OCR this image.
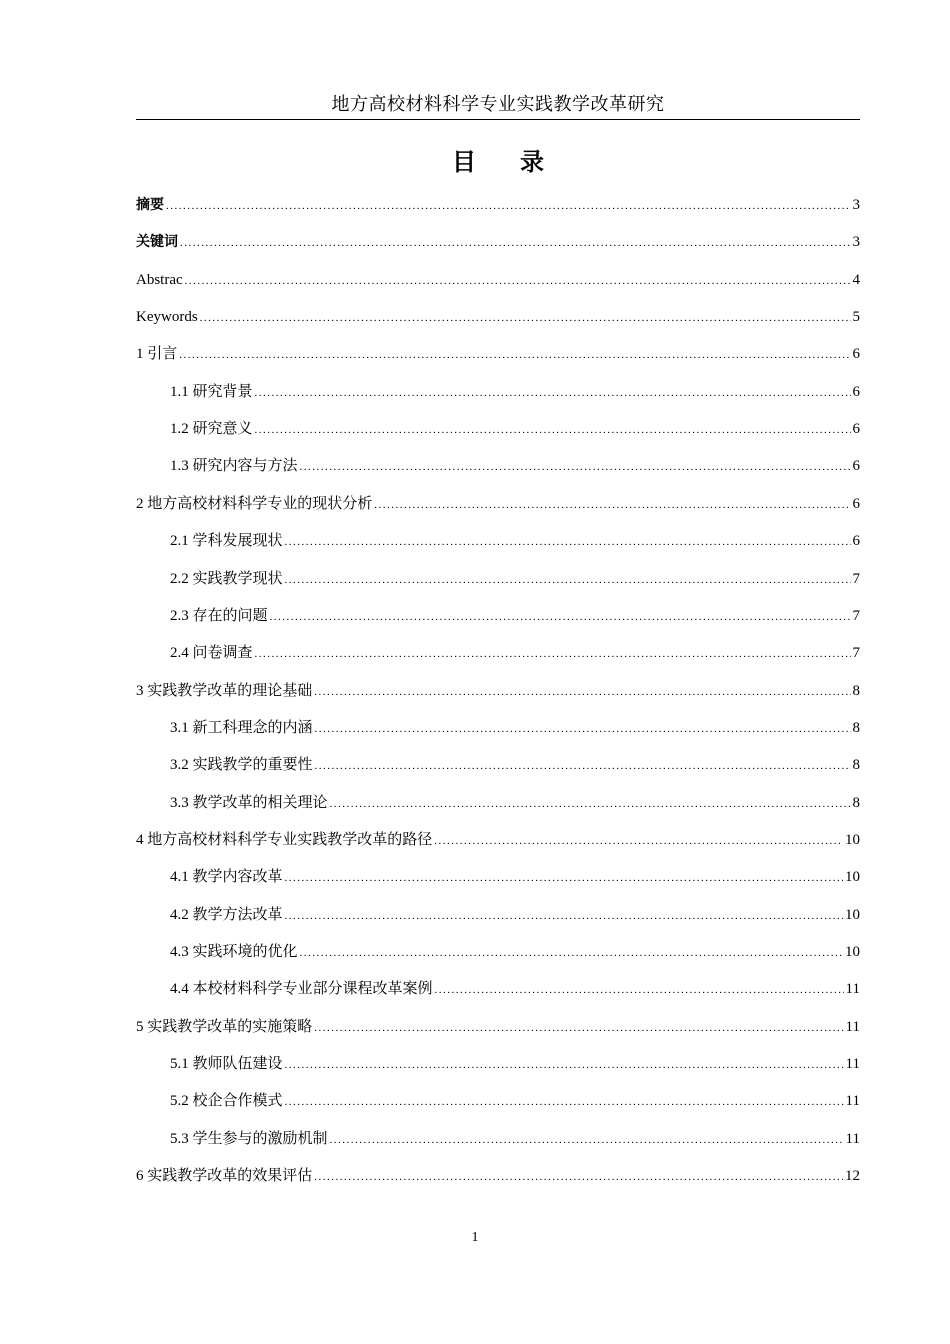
地方高校材料科学专业实践教学改革研究
目 录
摘要 .....	3
关键词 .....	3
Abstrac .....	4
Keywords .....	5
1 引言 .....	6
1.1 研究背景 .....	6
1.2 研究意义 .....	6
1.3 研究内容与方法 .....	6
2 地方高校材料科学专业的现状分析 .....	6
2.1 学科发展现状 .....	6
2.2 实践教学现状 .....	7
2.3 存在的问题 .....	7
2.4 问卷调查 .....	7
3 实践教学改革的理论基础 .....	8
3.1 新工科理念的内涵 .....	8
3.2 实践教学的重要性 .....	8
3.3 教学改革的相关理论 .....	8
4 地方高校材料科学专业实践教学改革的路径 .....	10
4.1 教学内容改革 .....	10
4.2 教学方法改革 .....	10
4.3 实践环境的优化 .....	10
4.4 本校材料科学专业部分课程改革案例 .....	11
5 实践教学改革的实施策略 .....	11
5.1 教师队伍建设 .....	11
5.2 校企合作模式 .....	11
5.3 学生参与的激励机制 .....	11
6 实践教学改革的效果评估 .....	12
1
